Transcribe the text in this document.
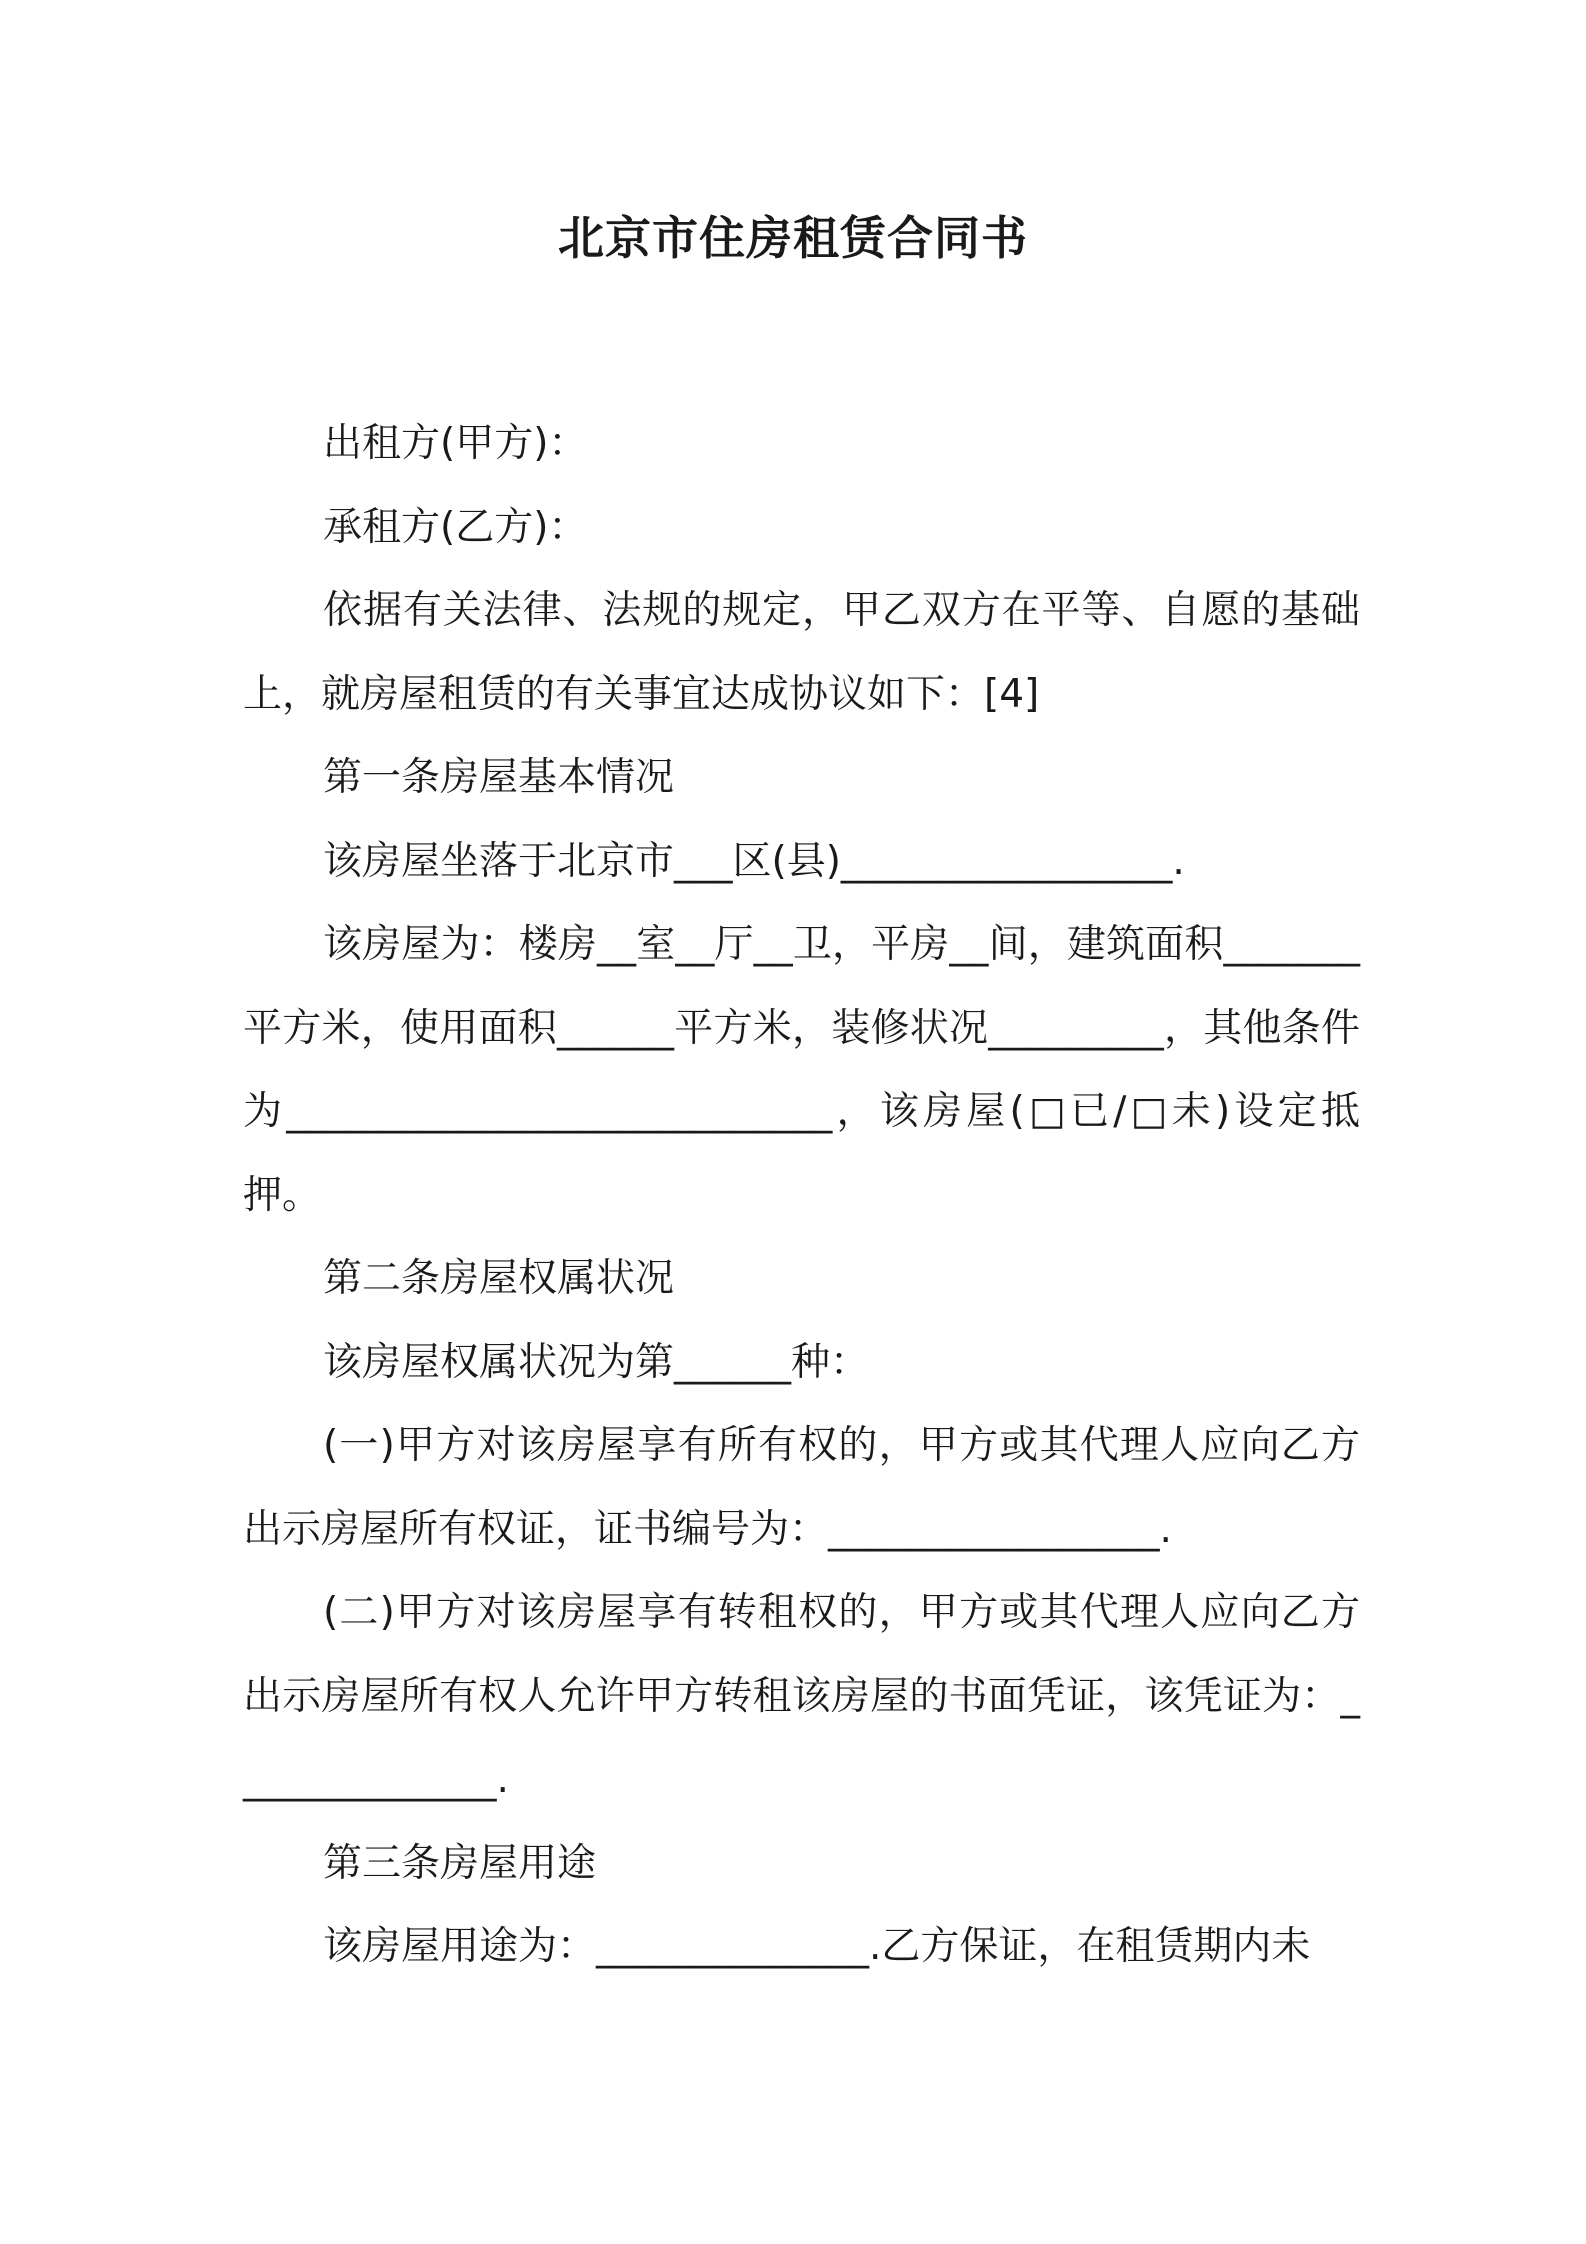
北京市住房租赁合同书

出租方(甲方)：

承租方(乙方)：

依据有关法律、法规的规定，甲乙双方在平等、自愿的基础上，就房屋租赁的有关事宜达成协议如下：[4]

第一条房屋基本情况

该房屋坐落于北京市___区(县)_________________.

该房屋为：楼房__室__厅__卫，平房__间，建筑面积_______平方米，使用面积______平方米，装修状况_________，其他条件为____________________________，该房屋(□已/□未)设定抵押。

第二条房屋权属状况

该房屋权属状况为第______种：

(一)甲方对该房屋享有所有权的，甲方或其代理人应向乙方出示房屋所有权证，证书编号为：_________________.

(二)甲方对该房屋享有转租权的，甲方或其代理人应向乙方出示房屋所有权人允许甲方转租该房屋的书面凭证，该凭证为：______________.

第三条房屋用途

该房屋用途为：______________.乙方保证，在租赁期内未
